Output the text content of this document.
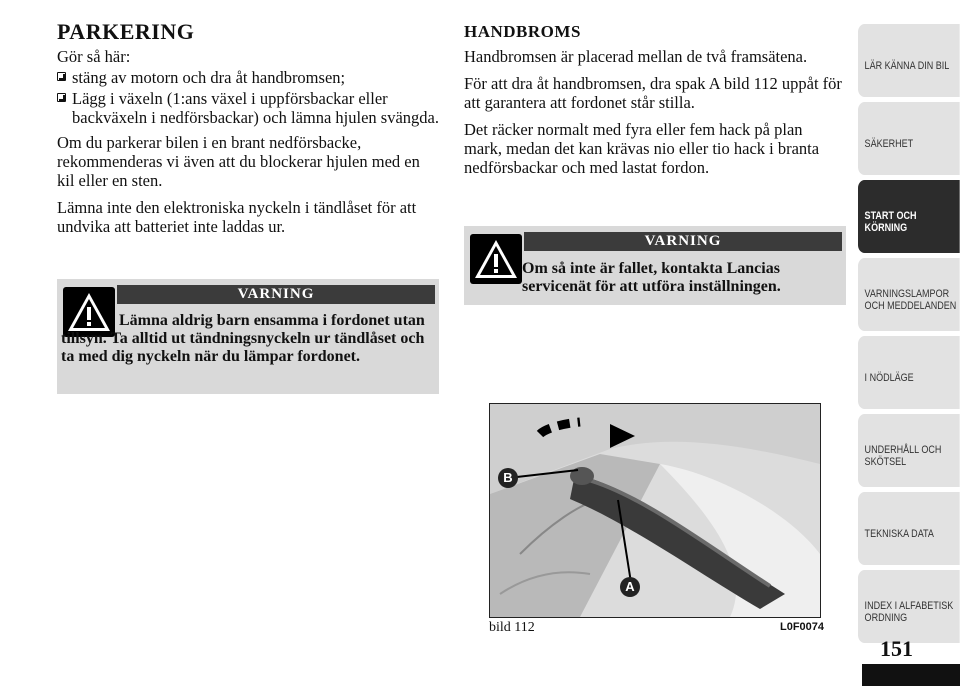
PARKERING

Gör så här:

stäng av motorn och dra åt handbromsen;
Lägg i växeln (1:ans växel i uppförsbackar eller backväxeln i nedförsbackar) och lämna hjulen svängda.

Om du parkerar bilen i en brant nedförsbacke, rekommenderas vi även att du blockerar hjulen med en kil eller en sten.

Lämna inte den elektroniska nyckeln i tändlåset för att undvika att batteriet inte laddas ur.

VARNING
Lämna aldrig barn ensamma i fordonet utan tillsyn. Ta alltid ut tändningsnyckeln ur tändlåset och ta med dig nyckeln när du lämpar fordonet.
HANDBROMS

Handbromsen är placerad mellan de två framsätena.

För att dra åt handbromsen, dra spak A bild 112 uppåt för att garantera att fordonet står stilla.

Det räcker normalt med fyra eller fem hack på plan mark, medan det kan krävas nio eller tio hack i branta nedförsbackar och med lastat fordon.

VARNING
Om så inte är fallet, kontakta Lancias servicenät för att utföra inställningen.
B
A
bild 112	L0F0074
LÄR KÄNNA DIN BIL
SÄKERHET
START OCH KÖRNING
VARNINGSLAMPOR OCH MEDDELANDEN
I NÖDLÄGE
UNDERHÅLL OCH SKÖTSEL
TEKNISKA DATA
INDEX I ALFABETISK ORDNING
151
